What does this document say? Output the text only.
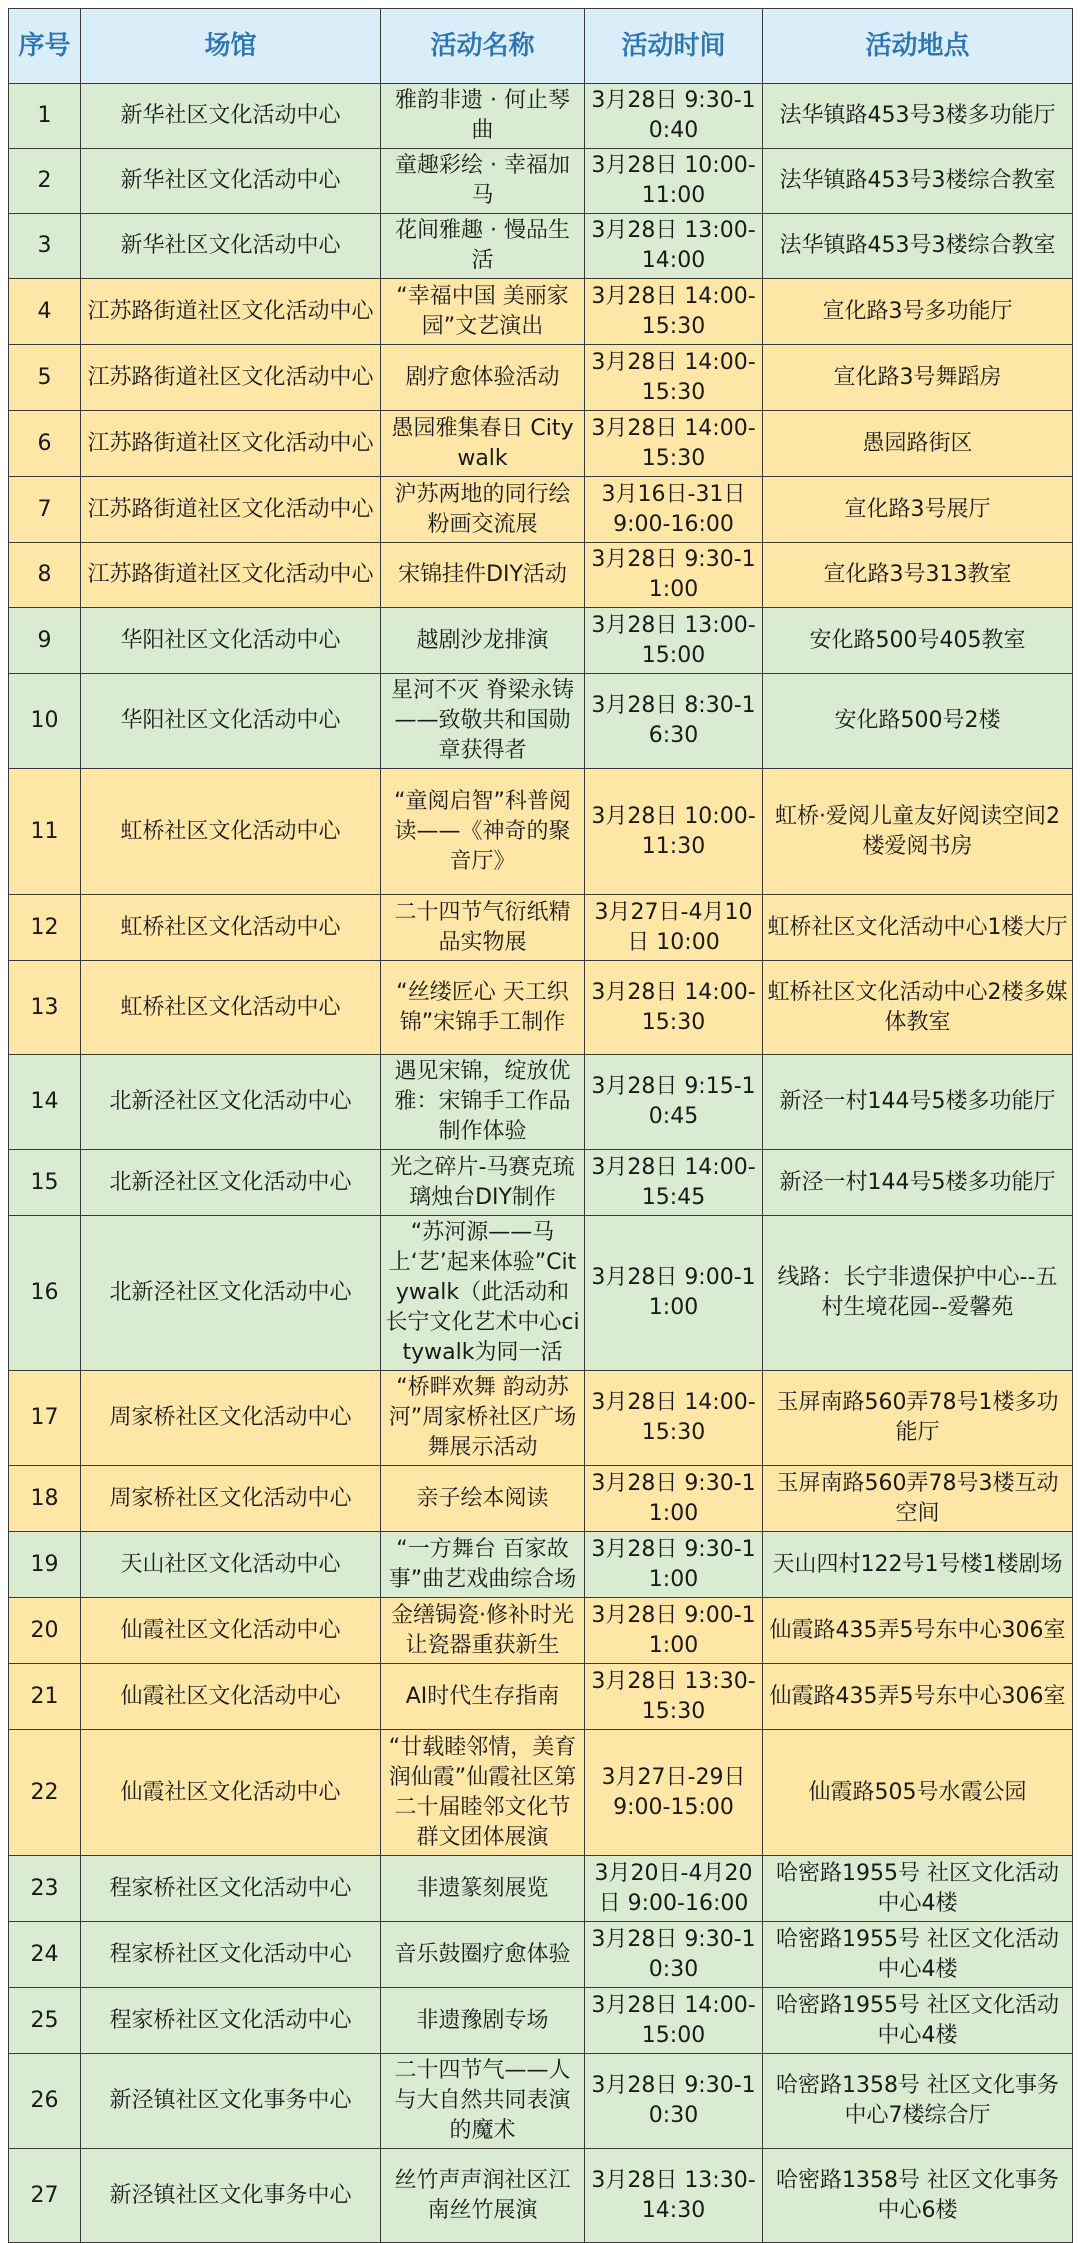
序号	场馆	活动名称	活动时间	活动地点
1	新华社区文化活动中心	雅韵非遗 · 何止琴曲	3月28日 9:30-10:40	法华镇路453号3楼多功能厅
2	新华社区文化活动中心	童趣彩绘 · 幸福加马	3月28日 10:00-11:00	法华镇路453号3楼综合教室
3	新华社区文化活动中心	花间雅趣 · 慢品生活	3月28日 13:00-14:00	法华镇路453号3楼综合教室
4	江苏路街道社区文化活动中心	“幸福中国 美丽家园”文艺演出	3月28日 14:00-15:30	宣化路3号多功能厅
5	江苏路街道社区文化活动中心	剧疗愈体验活动	3月28日 14:00-15:30	宣化路3号舞蹈房
6	江苏路街道社区文化活动中心	愚园雅集春日 Citywalk	3月28日 14:00-15:30	愚园路街区
7	江苏路街道社区文化活动中心	沪苏两地的同行绘粉画交流展	3月16日-31日 9:00-16:00	宣化路3号展厅
8	江苏路街道社区文化活动中心	宋锦挂件DIY活动	3月28日 9:30-11:00	宣化路3号313教室
9	华阳社区文化活动中心	越剧沙龙排演	3月28日 13:00-15:00	安化路500号405教室
10	华阳社区文化活动中心	星河不灭 脊梁永铸——致敬共和国勋章获得者	3月28日 8:30-16:30	安化路500号2楼
11	虹桥社区文化活动中心	“童阅启智”科普阅读——《神奇的聚音厅》	3月28日 10:00-11:30	虹桥·爱阅儿童友好阅读空间2楼爱阅书房
12	虹桥社区文化活动中心	二十四节气衍纸精品实物展	3月27日-4月10日 10:00	虹桥社区文化活动中心1楼大厅
13	虹桥社区文化活动中心	“丝缕匠心 天工织锦”宋锦手工制作	3月28日 14:00-15:30	虹桥社区文化活动中心2楼多媒体教室
14	北新泾社区文化活动中心	遇见宋锦，绽放优雅：宋锦手工作品制作体验	3月28日 9:15-10:45	新泾一村144号5楼多功能厅
15	北新泾社区文化活动中心	光之碎片-马赛克琉璃烛台DIY制作	3月28日 14:00-15:45	新泾一村144号5楼多功能厅
16	北新泾社区文化活动中心	“苏河源——马上‘艺’起来体验”Citywalk（此活动和长宁文化艺术中心citywalk为同一活	3月28日 9:00-11:00	线路：长宁非遗保护中心--五村生境花园--爱馨苑
17	周家桥社区文化活动中心	“桥畔欢舞 韵动苏河”周家桥社区广场舞展示活动	3月28日 14:00-15:30	玉屏南路560弄78号1楼多功能厅
18	周家桥社区文化活动中心	亲子绘本阅读	3月28日 9:30-11:00	玉屏南路560弄78号3楼互动空间
19	天山社区文化活动中心	“一方舞台 百家故事”曲艺戏曲综合场	3月28日 9:30-11:00	天山四村122号1号楼1楼剧场
20	仙霞社区文化活动中心	金缮锔瓷·修补时光让瓷器重获新生	3月28日 9:00-11:00	仙霞路435弄5号东中心306室
21	仙霞社区文化活动中心	AI时代生存指南	3月28日 13:30-15:30	仙霞路435弄5号东中心306室
22	仙霞社区文化活动中心	“廿载睦邻情，美育润仙霞”仙霞社区第二十届睦邻文化节群文团体展演	3月27日-29日 9:00-15:00	仙霞路505号水霞公园
23	程家桥社区文化活动中心	非遗篆刻展览	3月20日-4月20日 9:00-16:00	哈密路1955号 社区文化活动中心4楼
24	程家桥社区文化活动中心	音乐鼓圈疗愈体验	3月28日 9:30-10:30	哈密路1955号 社区文化活动中心4楼
25	程家桥社区文化活动中心	非遗豫剧专场	3月28日 14:00-15:00	哈密路1955号 社区文化活动中心4楼
26	新泾镇社区文化事务中心	二十四节气——人与大自然共同表演的魔术	3月28日 9:30-10:30	哈密路1358号 社区文化事务中心7楼综合厅
27	新泾镇社区文化事务中心	丝竹声声润社区江南丝竹展演	3月28日 13:30-14:30	哈密路1358号 社区文化事务中心6楼
